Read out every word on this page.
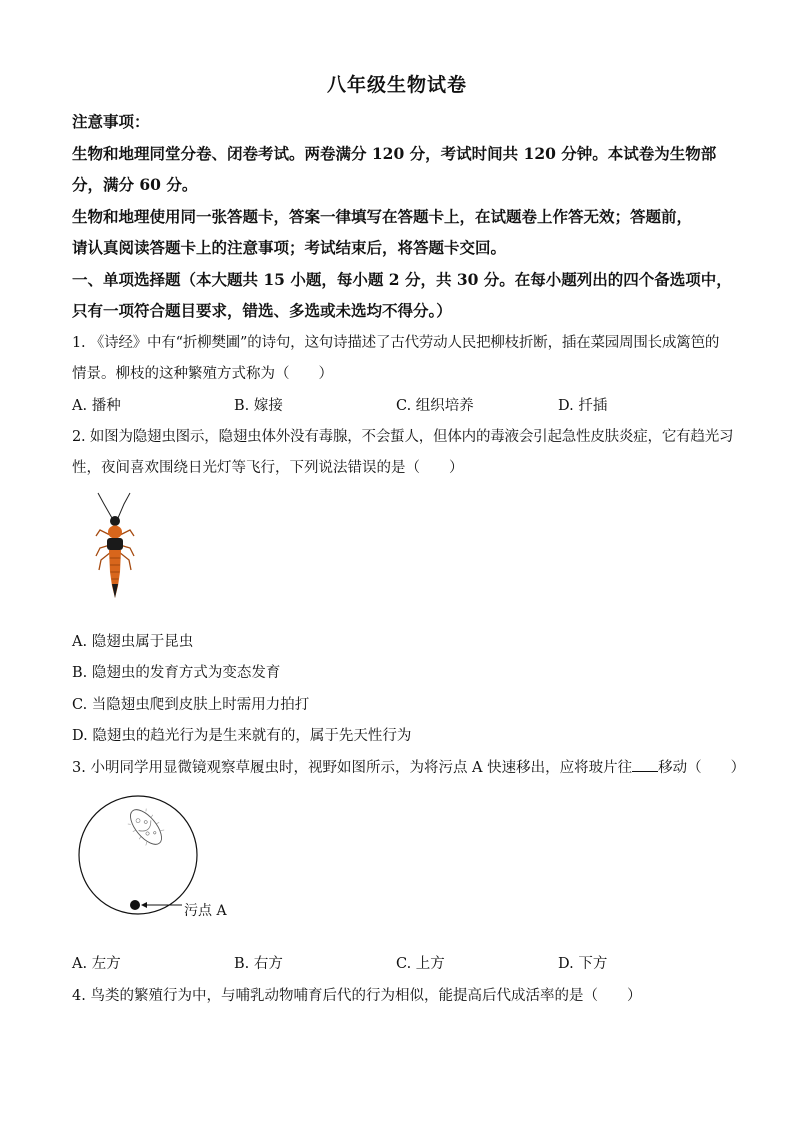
八年级生物试卷
注意事项：
生物和地理同堂分卷、闭卷考试。两卷满分 120 分，考试时间共 120 分钟。本试卷为生物部
分，满分 60 分。
生物和地理使用同一张答题卡，答案一律填写在答题卡上，在试题卷上作答无效；答题前，
请认真阅读答题卡上的注意事项；考试结束后，将答题卡交回。
一、单项选择题（本大题共 15 小题，每小题 2 分，共 30 分。在每小题列出的四个备选项中，
只有一项符合题目要求，错选、多选或未选均不得分。）
1. 《诗经》中有“折柳樊圃”的诗句，这句诗描述了古代劳动人民把柳枝折断，插在菜园周围长成篱笆的
情景。柳枝的这种繁殖方式称为（　　）
A. 播种	B. 嫁接	C. 组织培养	D. 扦插
2. 如图为隐翅虫图示，隐翅虫体外没有毒腺，不会蜇人，但体内的毒液会引起急性皮肤炎症，它有趋光习
性，夜间喜欢围绕日光灯等飞行，下列说法错误的是（　　）
A. 隐翅虫属于昆虫
B. 隐翅虫的发育方式为变态发育
C. 当隐翅虫爬到皮肤上时需用力拍打
D. 隐翅虫的趋光行为是生来就有的，属于先天性行为
3. 小明同学用显微镜观察草履虫时，视野如图所示，为将污点 A 快速移出，应将玻片往 移动（　　）
污点 A
A. 左方	B. 右方	C. 上方	D. 下方
4. 鸟类的繁殖行为中，与哺乳动物哺育后代的行为相似，能提高后代成活率的是（　　）
